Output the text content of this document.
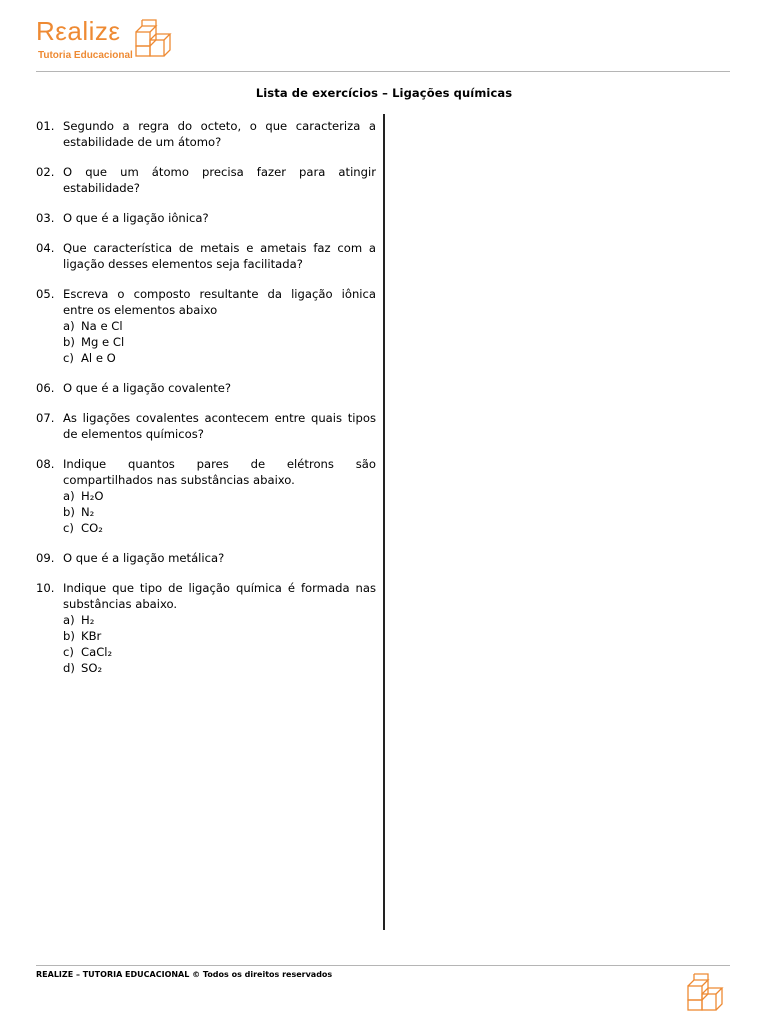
Rεalizε
Tutoria Educacional
Lista de exercícios – Ligações químicas
01. Segundo a regra do octeto, o que caracteriza a estabilidade de um átomo?
02. O que um átomo precisa fazer para atingir estabilidade?
03. O que é a ligação iônica?
04. Que característica de metais e ametais faz com a ligação desses elementos seja facilitada?
05. Escreva o composto resultante da ligação iônica entre os elementos abaixo
a) Na e Cl
b) Mg e Cl
c) Al e O
06. O que é a ligação covalente?
07. As ligações covalentes acontecem entre quais tipos de elementos químicos?
08. Indique quantos pares de elétrons são compartilhados nas substâncias abaixo.
a) H₂O
b) N₂
c) CO₂
09. O que é a ligação metálica?
10. Indique que tipo de ligação química é formada nas substâncias abaixo.
a) H₂
b) KBr
c) CaCl₂
d) SO₂
REALIZE – TUTORIA EDUCACIONAL © Todos os direitos reservados
